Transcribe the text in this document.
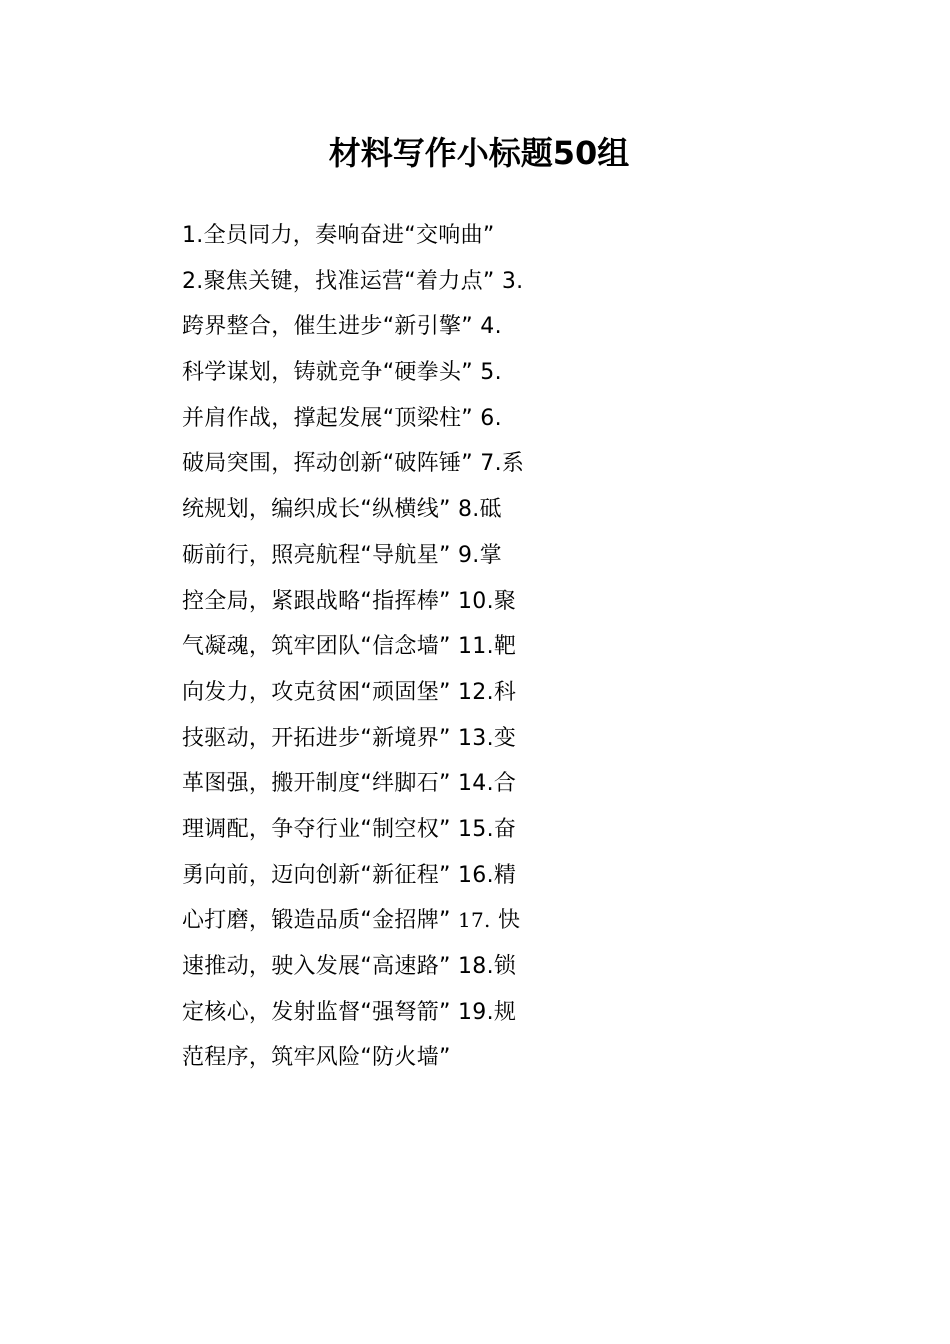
材料写作小标题50组
1.全员同力，奏响奋进“交响曲”
2.聚焦关键，找准运营“着力点” 3.
跨界整合，催生进步“新引擎” 4.
科学谋划，铸就竞争“硬拳头” 5.
并肩作战，撑起发展“顶梁柱” 6.
破局突围，挥动创新“破阵锤” 7.系
统规划，编织成长“纵横线” 8.砥
砺前行，照亮航程“导航星” 9.掌
控全局，紧跟战略“指挥棒” 10.聚
气凝魂，筑牢团队“信念墙” 11.靶
向发力，攻克贫困“顽固堡” 12.科
技驱动，开拓进步“新境界” 13.变
革图强，搬开制度“绊脚石” 14.合
理调配，争夺行业“制空权” 15.奋
勇向前，迈向创新“新征程” 16.精
心打磨，锻造品质“金招牌” 17. 快
速推动，驶入发展“高速路” 18.锁
定核心，发射监督“强弩箭” 19.规
范程序，筑牢风险“防火墙”
